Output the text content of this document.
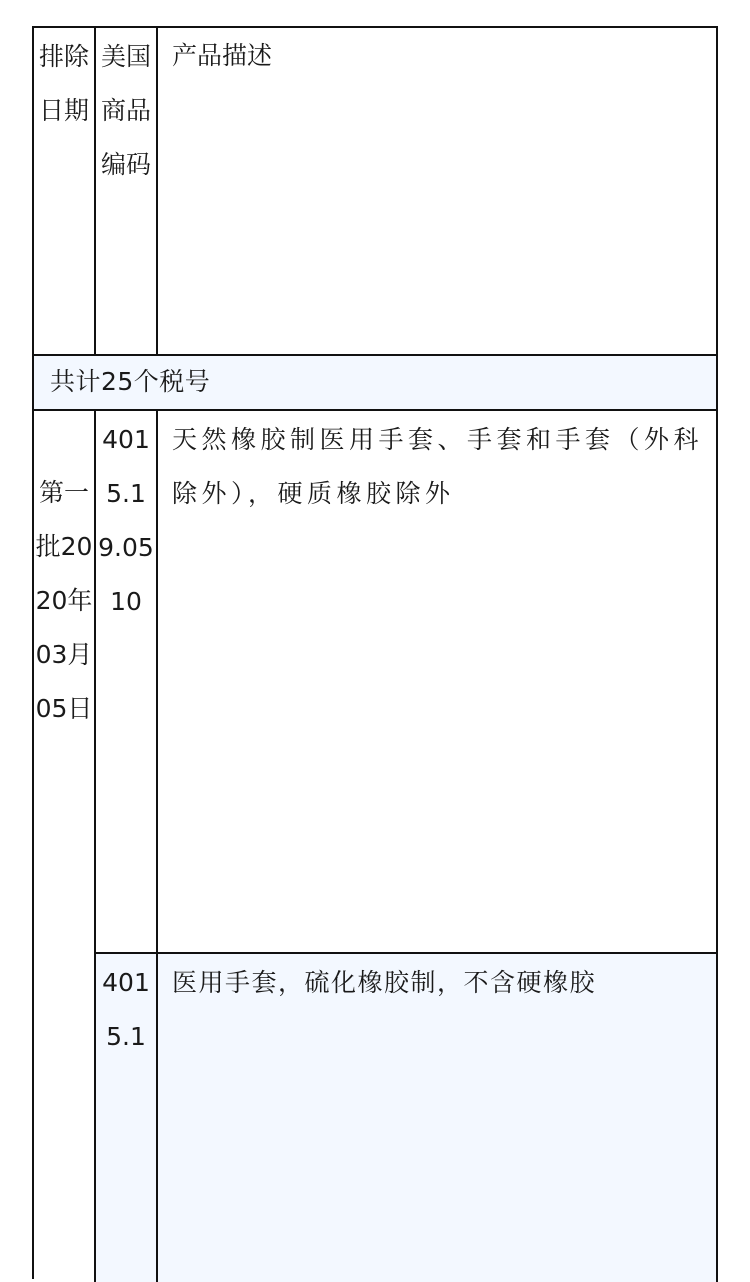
排除日期
美国商品编码
产品描述
共计25个税号
第一批2020年03月05日
4015.19.0510
天然橡胶制医用手套、手套和手套（外科除外），硬质橡胶除外
4015.1
医用手套，硫化橡胶制，不含硬橡胶
